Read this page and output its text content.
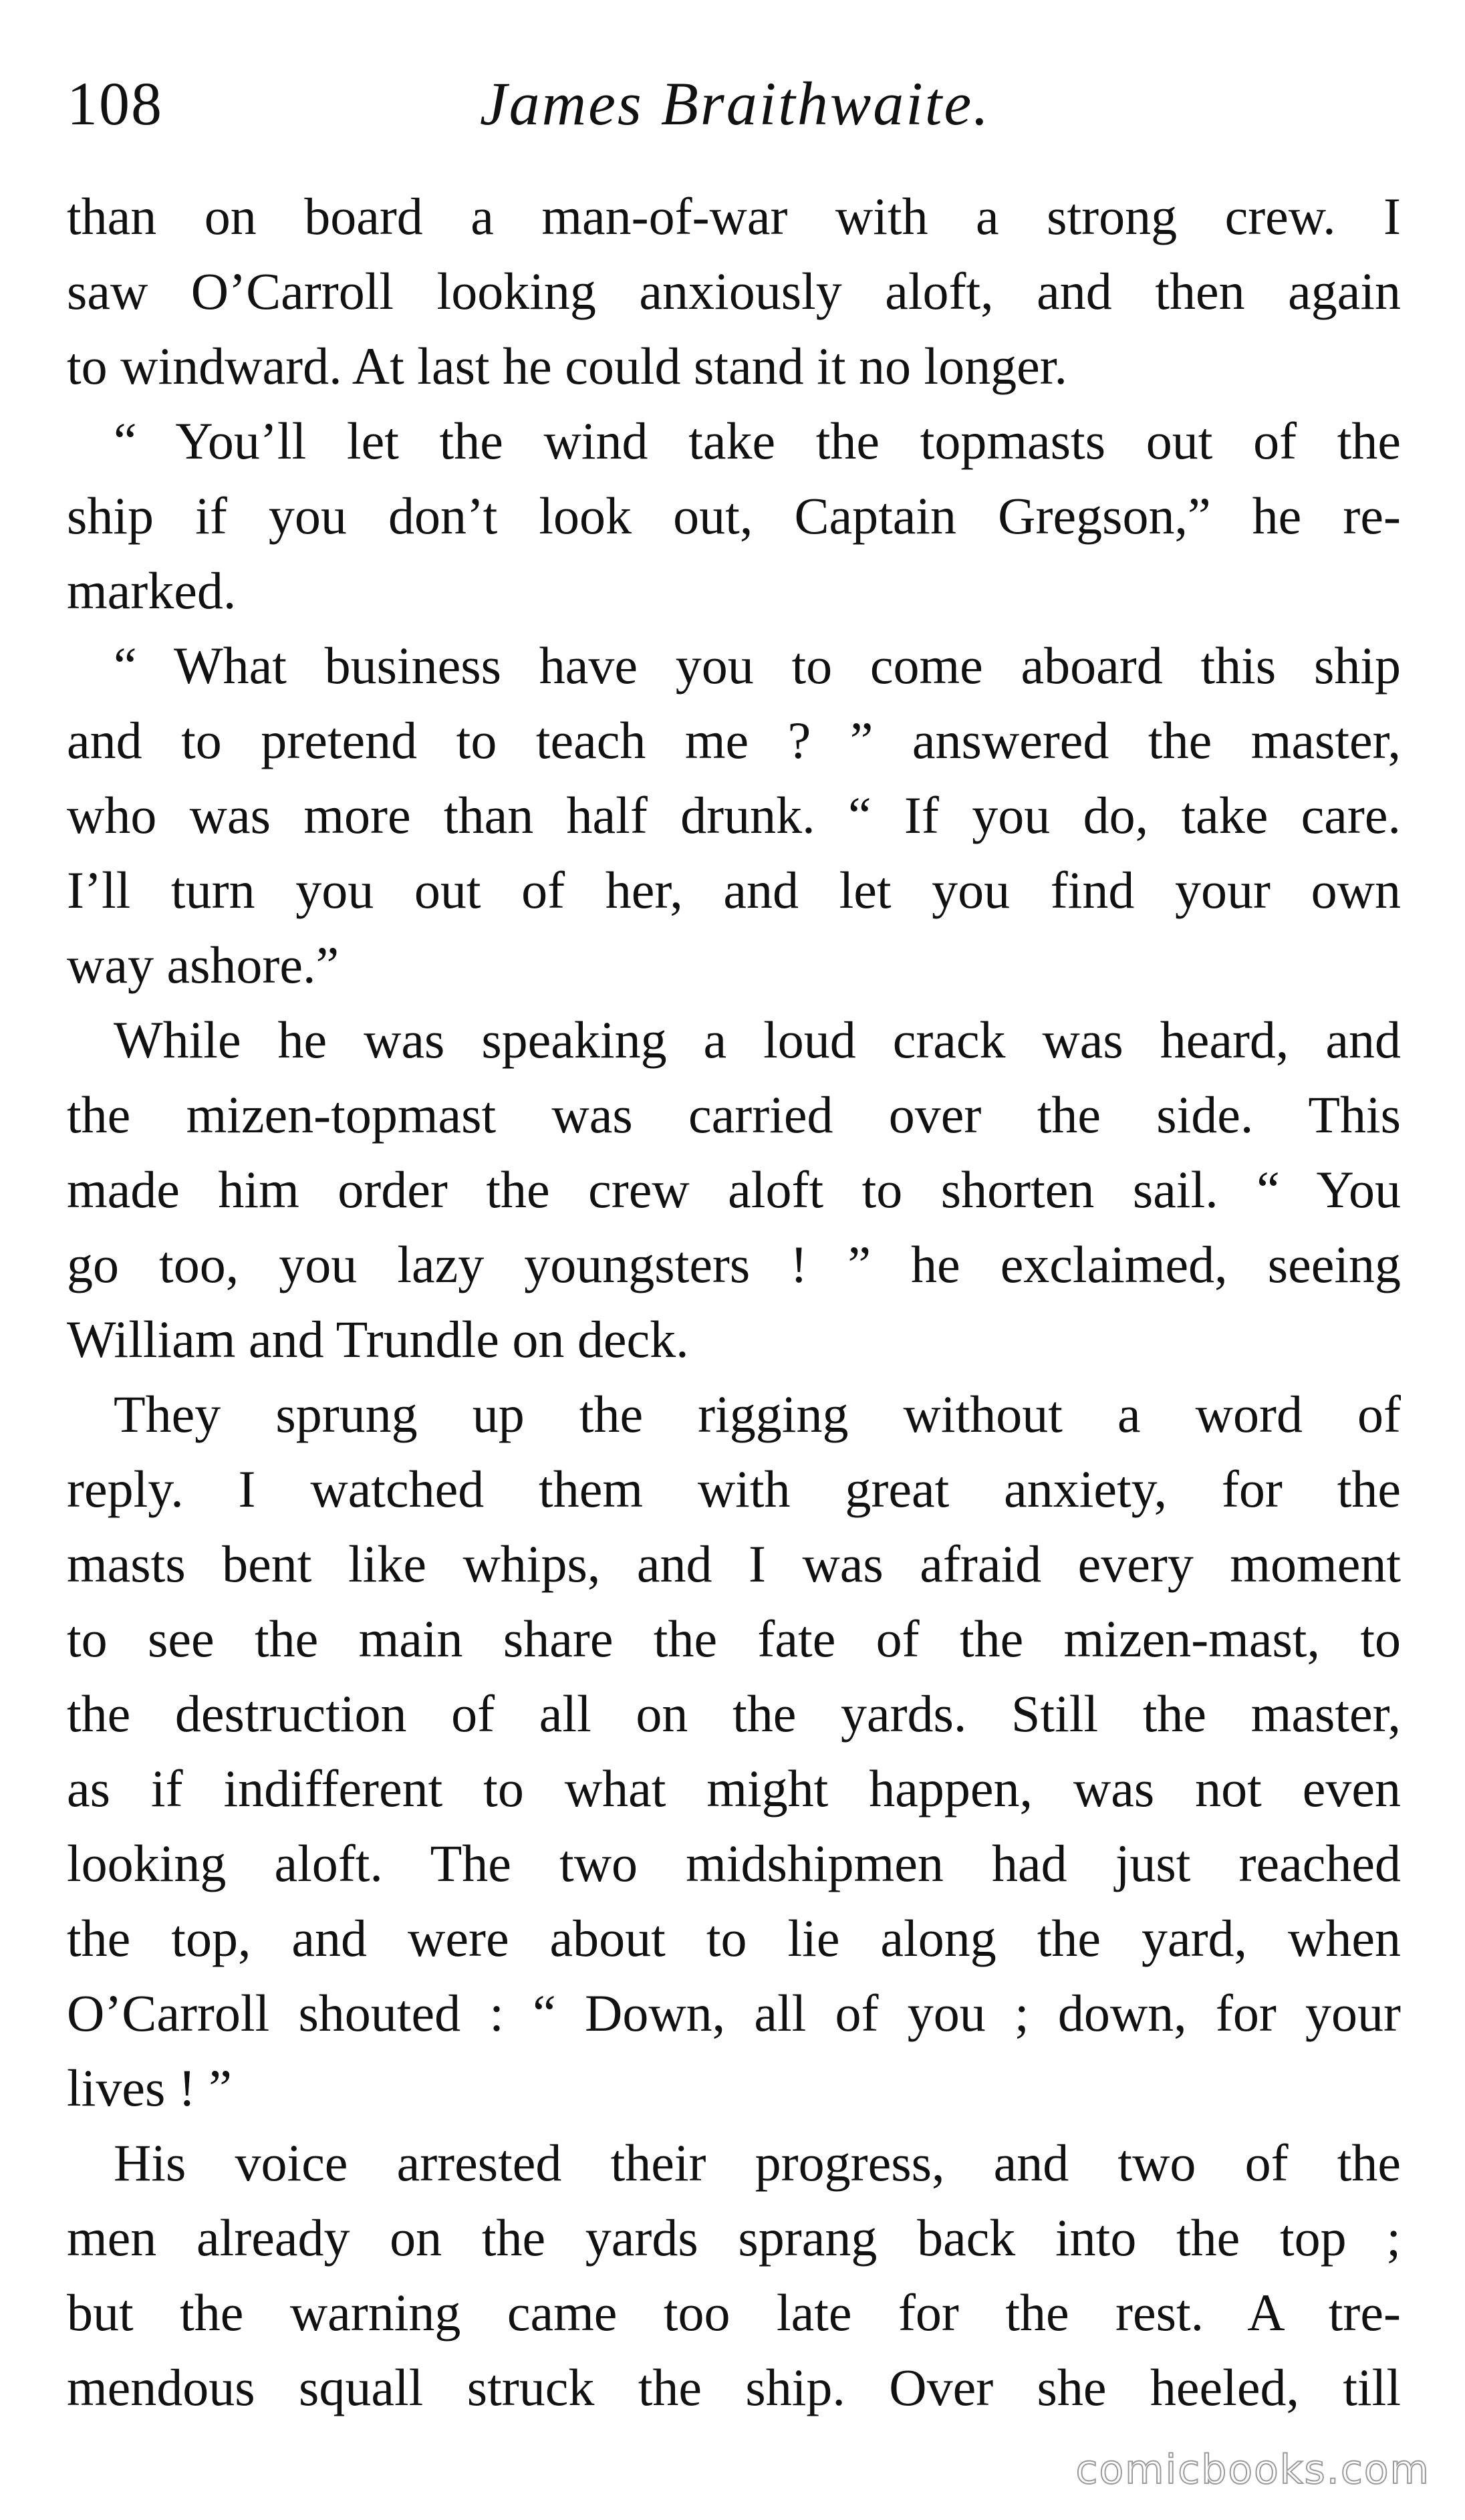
108	James Braithwaite.
than on board a man-of-war with a strong crew. I
saw O’Carroll looking anxiously aloft, and then again
to windward. At last he could stand it no longer.
“ You’ll let the wind take the topmasts out of the
ship if you don’t look out, Captain Gregson,” he re-
marked.
“ What business have you to come aboard this ship
and to pretend to teach me ? ” answered the master,
who was more than half drunk. “ If you do, take care.
I’ll turn you out of her, and let you find your own
way ashore.”
While he was speaking a loud crack was heard, and
the mizen-topmast was carried over the side. This
made him order the crew aloft to shorten sail. “ You
go too, you lazy youngsters ! ” he exclaimed, seeing
William and Trundle on deck.
They sprung up the rigging without a word of
reply. I watched them with great anxiety, for the
masts bent like whips, and I was afraid every moment
to see the main share the fate of the mizen-mast, to
the destruction of all on the yards. Still the master,
as if indifferent to what might happen, was not even
looking aloft. The two midshipmen had just reached
the top, and were about to lie along the yard, when
O’Carroll shouted : “ Down, all of you ; down, for your
lives ! ”
His voice arrested their progress, and two of the
men already on the yards sprang back into the top ;
but the warning came too late for the rest. A tre-
mendous squall struck the ship. Over she heeled, till
comicbooks.com
